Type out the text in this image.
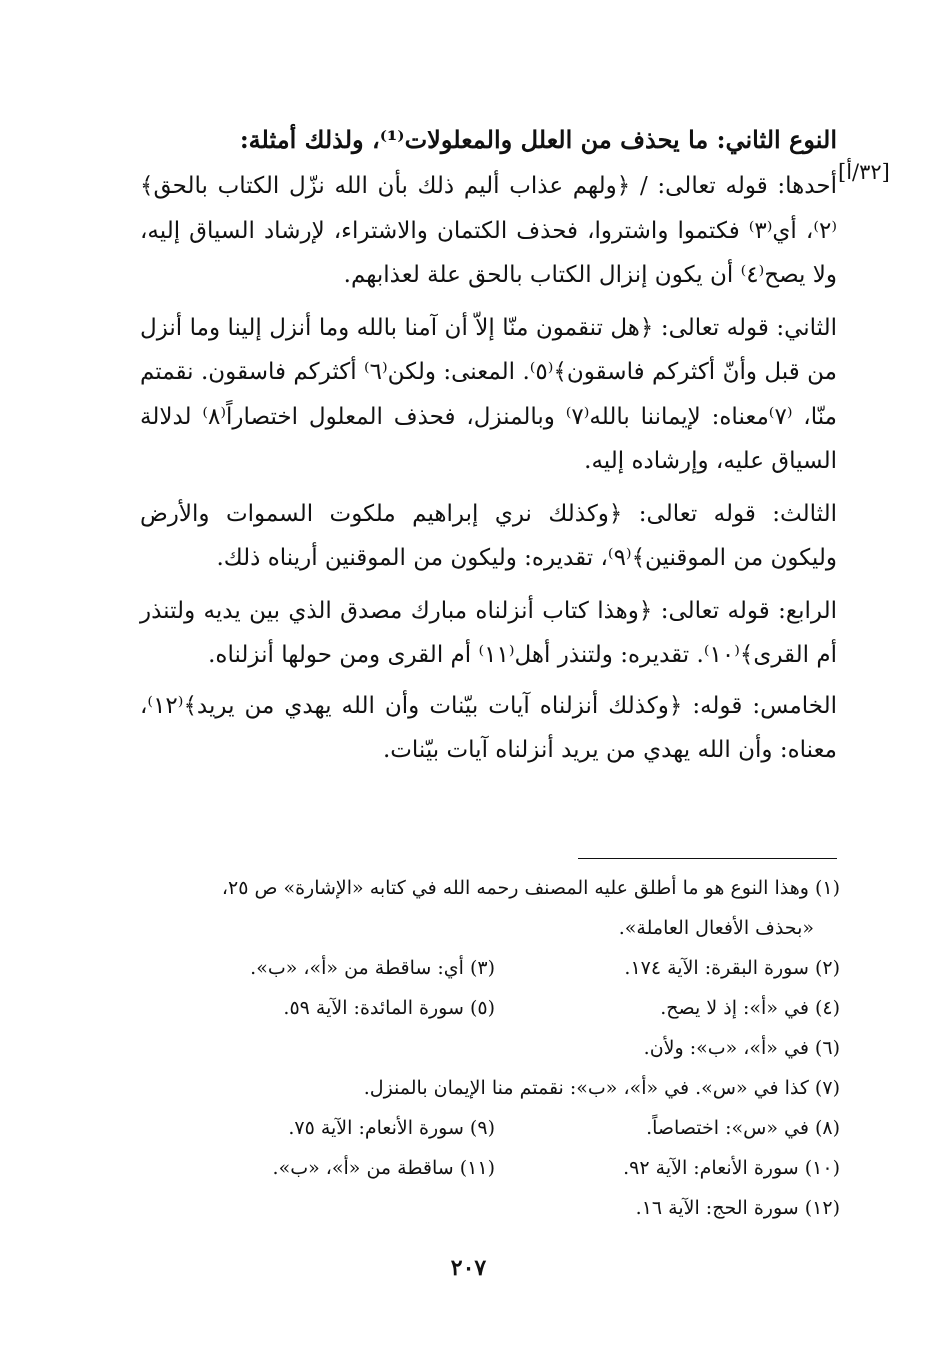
[٣٢/أ]
النوع الثاني: ما يحذف من العلل والمعلولات⁽¹⁾، ولذلك أمثلة:

أحدها: قوله تعالى: / ﴿ولهم عذاب أليم ذلك بأن الله نزّل الكتاب بالحق﴾⁽٢⁾، أي⁽٣⁾ فكتموا واشتروا، فحذف الكتمان والاشتراء، لإرشاد السياق إليه، ولا يصح⁽٤⁾ أن يكون إنزال الكتاب بالحق علة لعذابهم.

الثاني: قوله تعالى: ﴿هل تنقمون منّا إلاّ أن آمنا بالله وما أنزل إلينا وما أنزل من قبل وأنّ أكثركم فاسقون﴾⁽٥⁾. المعنى: ولكن⁽٦⁾ أكثركم فاسقون. نقمتم منّا، ⁽٧⁾معناه: لإيماننا بالله⁽٧⁾ وبالمنزل، فحذف المعلول اختصاراً⁽٨⁾ لدلالة السياق عليه، وإرشاده إليه.

الثالث: قوله تعالى: ﴿وكذلك نري إبراهيم ملكوت السموات والأرض وليكون من الموقنين﴾⁽٩⁾، تقديره: وليكون من الموقنين أريناه ذلك.

الرابع: قوله تعالى: ﴿وهذا كتاب أنزلناه مبارك مصدق الذي بين يديه ولتنذر أم القرى﴾⁽١٠⁾. تقديره: ولتنذر أهل⁽١١⁾ أم القرى ومن حولها أنزلناه.

الخامس: قوله: ﴿وكذلك أنزلناه آيات بيّنات وأن الله يهدي من يريد﴾⁽١٢⁾، معناه: وأن الله يهدي من يريد أنزلناه آيات بيّنات.

(١) وهذا النوع هو ما أطلق عليه المصنف رحمه الله في كتابه «الإشارة» ص ٢٥،
«بحذف الأفعال العاملة».
(٢) سورة البقرة: الآية ١٧٤.
(٣) أي: ساقطة من «أ»، «ب».
(٤) في «أ»: إذ لا يصح.
(٥) سورة المائدة: الآية ٥٩.
(٦) في «أ»، «ب»: ولأن.
(٧) كذا في «س». في «أ»، «ب»: نقمتم منا الإيمان بالمنزل.
(٨) في «س»: اختصاصاً.
(٩) سورة الأنعام: الآية ٧٥.
(١٠) سورة الأنعام: الآية ٩٢.
(١١) ساقطة من «أ»، «ب».
(١٢) سورة الحج: الآية ١٦.
٢٠٧
